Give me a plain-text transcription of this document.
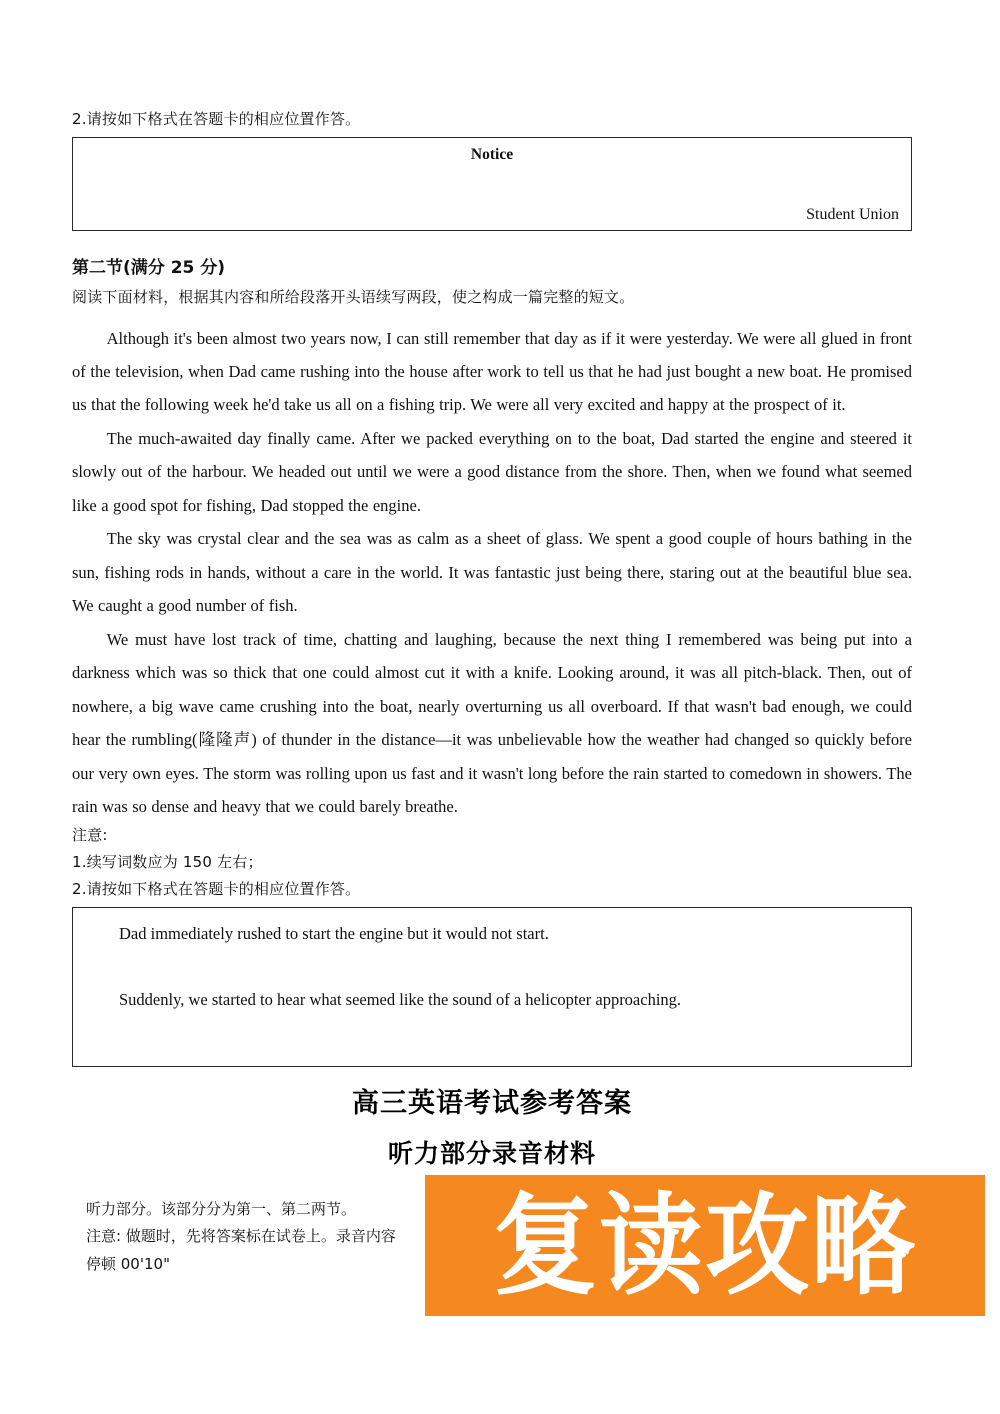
2.请按如下格式在答题卡的相应位置作答。

Notice
Student Union
第二节(满分 25 分)

阅读下面材料，根据其内容和所给段落开头语续写两段，使之构成一篇完整的短文。

Although it's been almost two years now, I can still remember that day as if it were yesterday. We were all glued in front of the television, when Dad came rushing into the house after work to tell us that he had just bought a new boat. He promised us that the following week he'd take us all on a fishing trip. We were all very excited and happy at the prospect of it.

The much-awaited day finally came. After we packed everything on to the boat, Dad started the engine and steered it slowly out of the harbour. We headed out until we were a good distance from the shore. Then, when we found what seemed like a good spot for fishing, Dad stopped the engine.

The sky was crystal clear and the sea was as calm as a sheet of glass. We spent a good couple of hours bathing in the sun, fishing rods in hands, without a care in the world. It was fantastic just being there, staring out at the beautiful blue sea. We caught a good number of fish.

We must have lost track of time, chatting and laughing, because the next thing I remembered was being put into a darkness which was so thick that one could almost cut it with a knife. Looking around, it was all pitch-black. Then, out of nowhere, a big wave came crushing into the boat, nearly overturning us all overboard. If that wasn't bad enough, we could hear the rumbling(隆隆声) of thunder in the distance—it was unbelievable how the weather had changed so quickly before our very own eyes. The storm was rolling upon us fast and it wasn't long before the rain started to comedown in showers. The rain was so dense and heavy that we could barely breathe.

注意:

1.续写词数应为 150 左右；

2.请按如下格式在答题卡的相应位置作答。

Dad immediately rushed to start the engine but it would not start.
Suddenly, we started to hear what seemed like the sound of a helicopter approaching.
高三英语考试参考答案
听力部分录音材料

听力部分。该部分分为第一、第二两节。

注意: 做题时，先将答案标在试卷上。录音内容

停顿 00'10"	复读攻略
